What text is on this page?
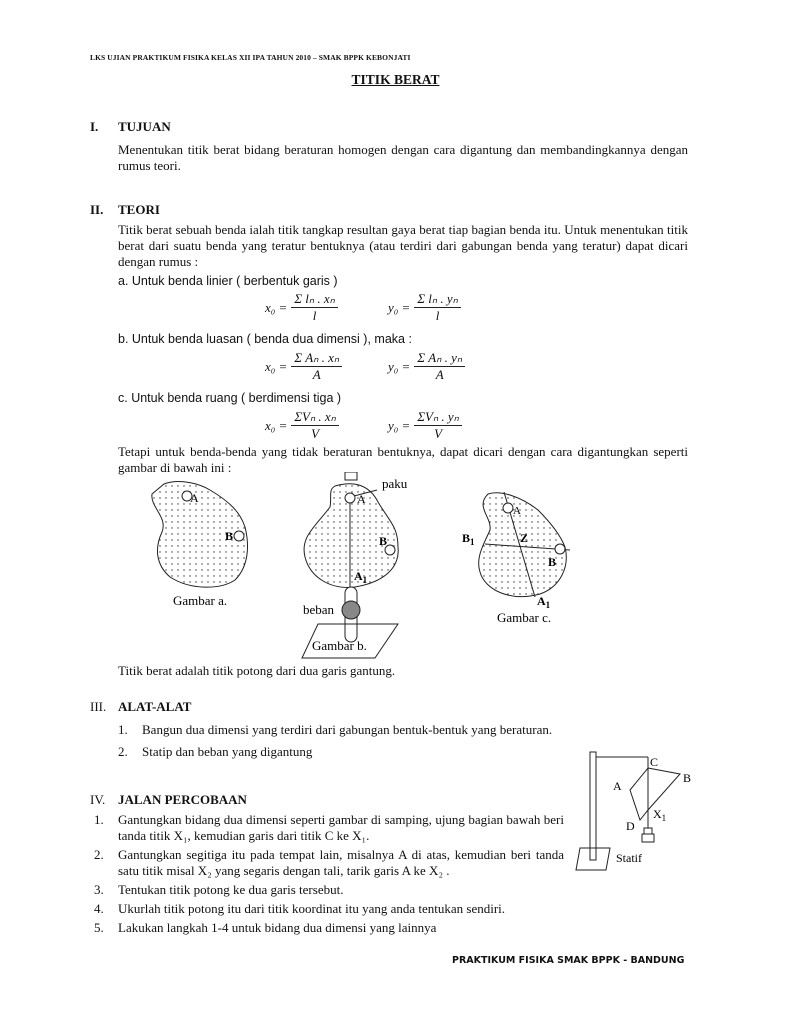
LKS UJIAN PRAKTIKUM FISIKA KELAS XII IPA TAHUN 2010 – SMAK BPPK KEBONJATI
TITIK BERAT
I. TUJUAN
Menentukan titik berat bidang beraturan homogen dengan cara digantung dan membandingkannya dengan rumus teori.
II. TEORI
Titik berat sebuah benda ialah titik tangkap resultan gaya berat tiap bagian benda itu. Untuk menentukan titik berat dari suatu benda yang teratur bentuknya (atau terdiri dari gabungan benda yang teratur) dapat dicari dengan rumus :
a. Untuk benda linier ( berbentuk garis )
$x_0 = \frac{\text{Σ lₙ . xₙ}}{l}$	$y_0 = \frac{\text{Σ lₙ . yₙ}}{l}$
b. Untuk benda luasan ( benda dua dimensi ), maka :
$x_0 = \frac{\text{Σ Aₙ . xₙ}}{A}$	$y_0 = \frac{\text{Σ Aₙ . yₙ}}{A}$
c. Untuk benda ruang ( berdimensi tiga )
$x_0 = \frac{\text{ΣVₙ . xₙ}}{V}$	$y_0 = \frac{\text{ΣVₙ . yₙ}}{V}$
Tetapi untuk benda-benda yang tidak beraturan bentuknya, dapat dicari dengan cara digantungkan seperti gambar di bawah ini :
A
B
Gambar a.
A
paku
B
$A_1$
beban
Gambar b.
A
B
$B_1$	Z
$A_1$
Gambar c.
Titik berat adalah titik potong dari dua garis gantung.
III. ALAT-ALAT
1.	Bangun dua dimensi yang terdiri dari gabungan bentuk-bentuk yang beraturan.
2.	Statip dan beban yang digantung
C
B
A
$X_1$
D
Statif
IV. JALAN PERCOBAAN
1.	Gantungkan bidang dua dimensi seperti gambar di samping, ujung bagian bawah beri tanda titik X₁, kemudian garis dari titik C ke X₁.
2.	Gantungkan segitiga itu pada tempat lain, misalnya A di atas, kemudian beri tanda satu titik misal X₂ yang segaris dengan tali, tarik garis A ke X₂ .
3.	Tentukan titik potong ke dua garis tersebut.
4.	Ukurlah titik potong itu dari titik koordinat itu yang anda tentukan sendiri.
5.	Lakukan langkah 1-4 untuk bidang dua dimensi yang lainnya
PRAKTIKUM FISIKA SMAK BPPK - BANDUNG
